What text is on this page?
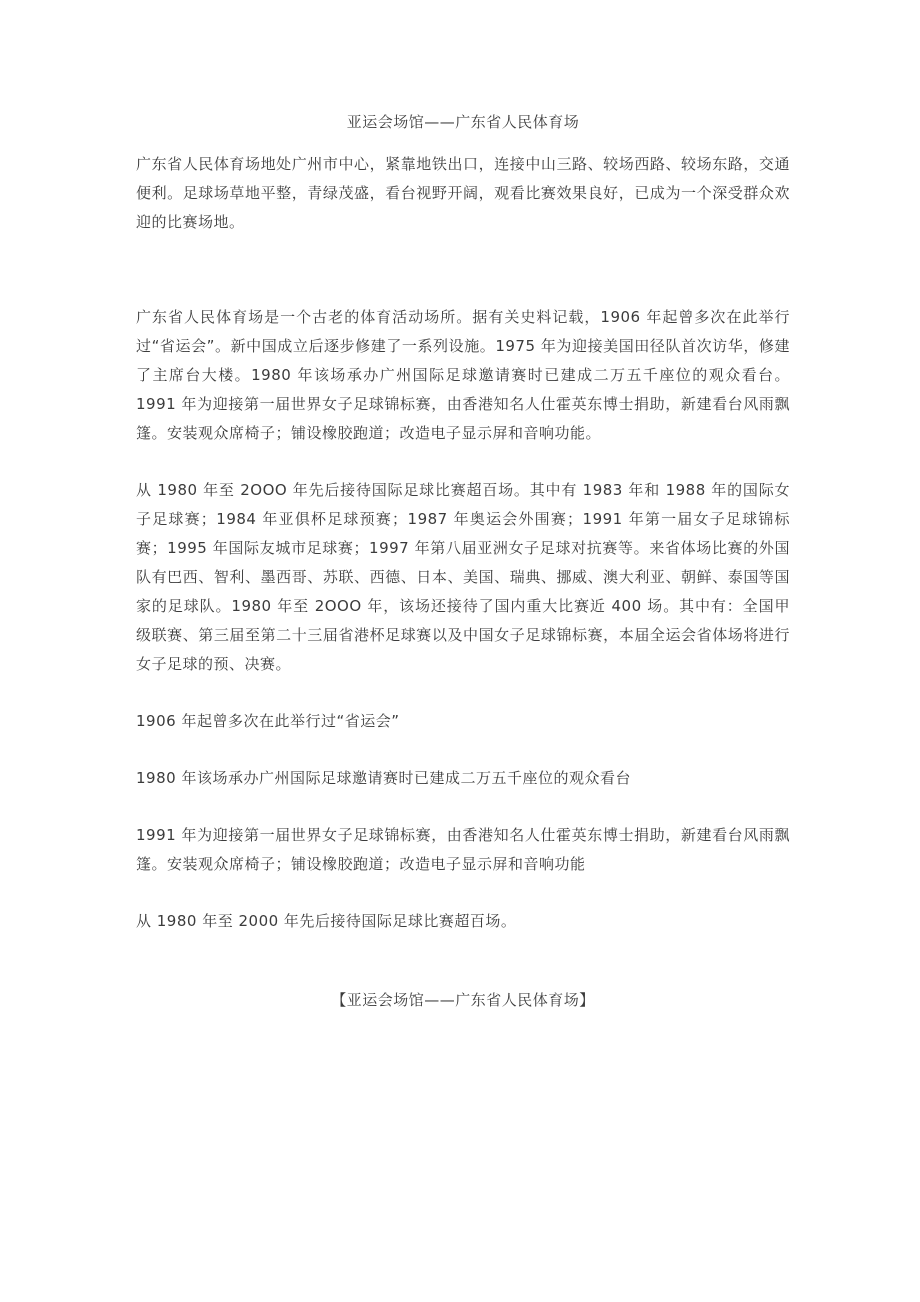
亚运会场馆——广东省人民体育场

广东省人民体育场地处广州市中心，紧靠地铁出口，连接中山三路、较场西路、较场东路，交通便利。足球场草地平整，青绿茂盛，看台视野开阔，观看比赛效果良好，已成为一个深受群众欢迎的比赛场地。

广东省人民体育场是一个古老的体育活动场所。据有关史料记载，1906 年起曾多次在此举行过“省运会”。新中国成立后逐步修建了一系列设施。1975 年为迎接美国田径队首次访华，修建了主席台大楼。1980 年该场承办广州国际足球邀请赛时已建成二万五千座位的观众看台。1991 年为迎接第一届世界女子足球锦标赛，由香港知名人仕霍英东博士捐助，新建看台风雨飘篷。安装观众席椅子；铺设橡胶跑道；改造电子显示屏和音响功能。

从 1980 年至 2OOO 年先后接待国际足球比赛超百场。其中有 1983 年和 1988 年的国际女子足球赛；1984 年亚俱杯足球预赛；1987 年奥运会外围赛；1991 年第一届女子足球锦标赛；1995 年国际友城市足球赛；1997 年第八届亚洲女子足球对抗赛等。来省体场比赛的外国队有巴西、智利、墨西哥、苏联、西德、日本、美国、瑞典、挪威、澳大利亚、朝鲜、泰国等国家的足球队。1980 年至 2OOO 年，该场还接待了国内重大比赛近 400 场。其中有：全国甲级联赛、第三届至第二十三届省港杯足球赛以及中国女子足球锦标赛，本届全运会省体场将进行女子足球的预、决赛。

1906 年起曾多次在此举行过“省运会”

1980 年该场承办广州国际足球邀请赛时已建成二万五千座位的观众看台

1991 年为迎接第一届世界女子足球锦标赛，由香港知名人仕霍英东博士捐助，新建看台风雨飘篷。安装观众席椅子；铺设橡胶跑道；改造电子显示屏和音响功能

从 1980 年至 2000 年先后接待国际足球比赛超百场。

【亚运会场馆——广东省人民体育场】
